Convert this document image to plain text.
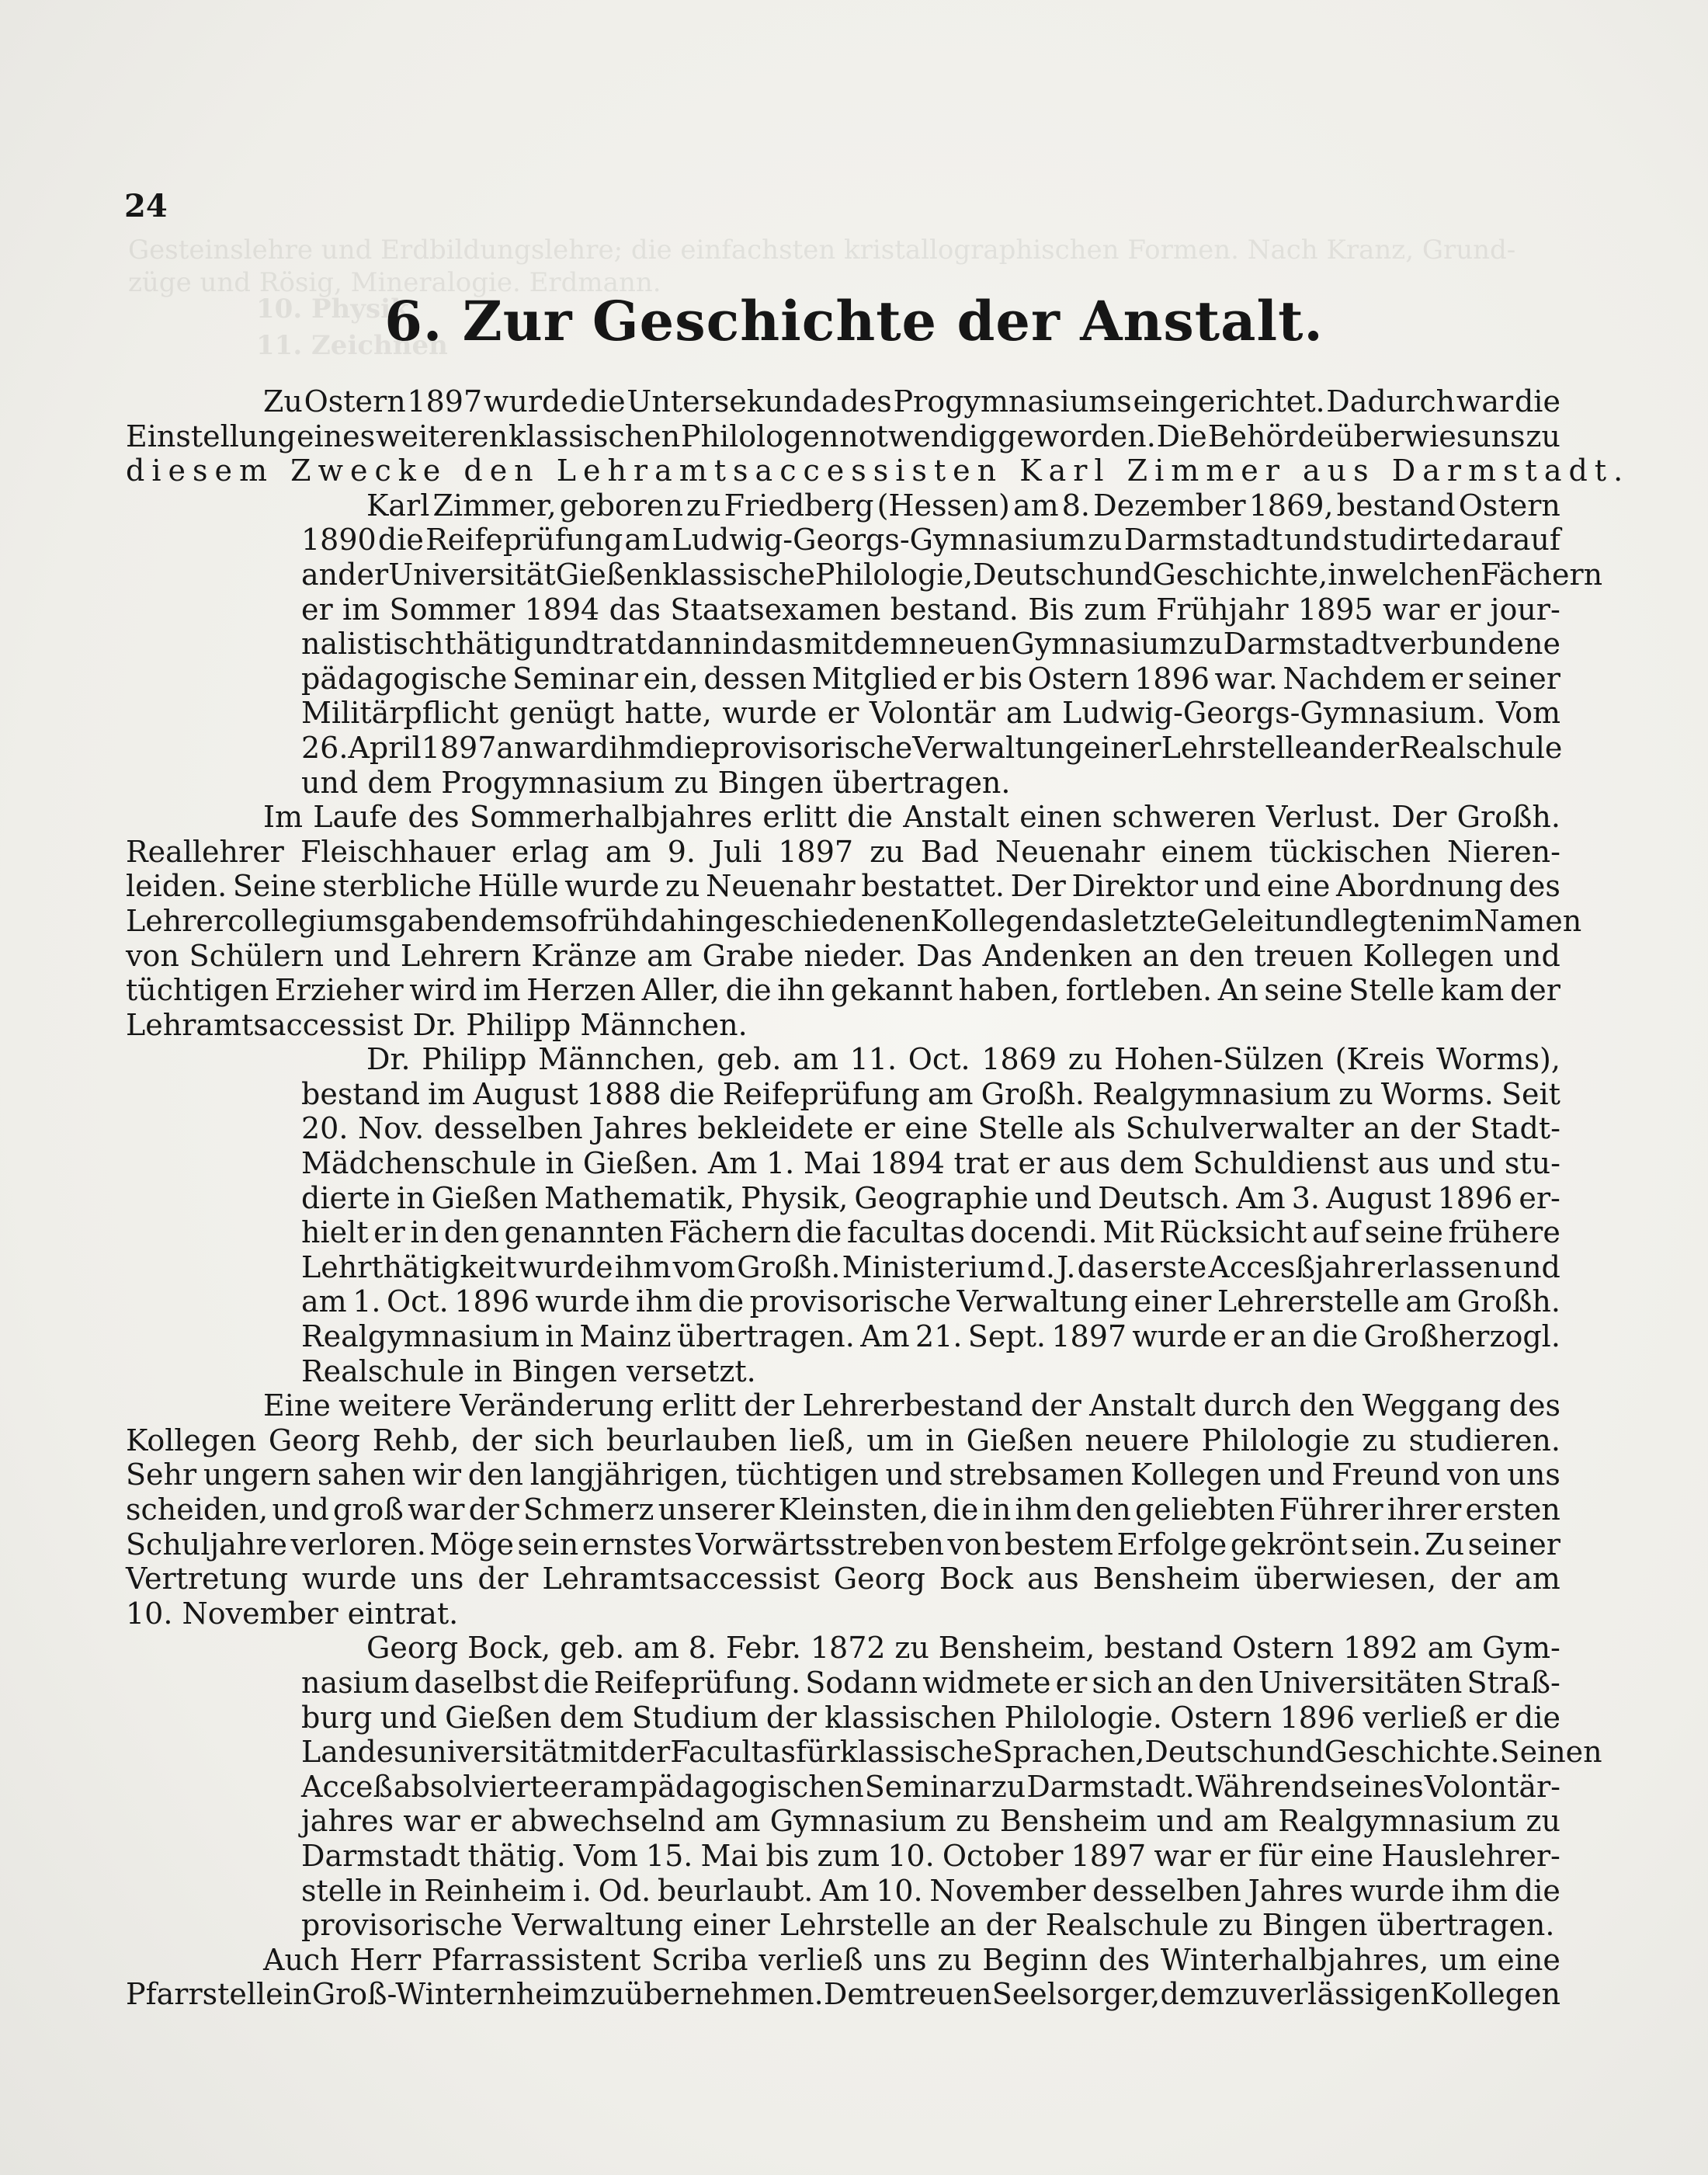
Gesteinslehre und Erdbildungslehre; die einfachsten kristallographischen Formen. Nach Kranz, Grund-
züge und Rösig, Mineralogie. Erdmann.
10. Physik
11. Zeichnen
24
6. Zur Geschichte der Anstalt.
Zu Ostern 1897 wurde die Untersekunda des Progymnasiums eingerichtet. Dadurch war die
Einstellung eines weiteren klassischen Philologen notwendig geworden. Die Behörde überwies uns zu
diesem Zwecke den Lehramtsaccessisten Karl Zimmer aus Darmstadt.
Karl Zimmer, geboren zu Friedberg (Hessen) am 8. Dezember 1869, bestand Ostern
1890 die Reifeprüfung am Ludwig-Georgs-Gymnasium zu Darmstadt und studirte darauf
an der Universität Gießen klassische Philologie, Deutsch und Geschichte, in welchen Fächern
er im Sommer 1894 das Staatsexamen bestand. Bis zum Frühjahr 1895 war er jour-
nalistisch thätig und trat dann in das mit dem neuen Gymnasium zu Darmstadt verbundene
pädagogische Seminar ein, dessen Mitglied er bis Ostern 1896 war. Nachdem er seiner
Militärpflicht genügt hatte, wurde er Volontär am Ludwig-Georgs-Gymnasium. Vom
26. April 1897 an ward ihm die provisorische Verwaltung einer Lehrstelle an der Realschule
und dem Progymnasium zu Bingen übertragen.
Im Laufe des Sommerhalbjahres erlitt die Anstalt einen schweren Verlust. Der Großh.
Reallehrer Fleischhauer erlag am 9. Juli 1897 zu Bad Neuenahr einem tückischen Nieren-
leiden. Seine sterbliche Hülle wurde zu Neuenahr bestattet. Der Direktor und eine Abordnung des
Lehrercollegiums gaben dem so früh dahingeschiedenen Kollegen das letzte Geleit und legten im Namen
von Schülern und Lehrern Kränze am Grabe nieder. Das Andenken an den treuen Kollegen und
tüchtigen Erzieher wird im Herzen Aller, die ihn gekannt haben, fortleben. An seine Stelle kam der
Lehramtsaccessist Dr. Philipp Männchen.
Dr. Philipp Männchen, geb. am 11. Oct. 1869 zu Hohen-Sülzen (Kreis Worms),
bestand im August 1888 die Reifeprüfung am Großh. Realgymnasium zu Worms. Seit
20. Nov. desselben Jahres bekleidete er eine Stelle als Schulverwalter an der Stadt-
Mädchenschule in Gießen. Am 1. Mai 1894 trat er aus dem Schuldienst aus und stu-
dierte in Gießen Mathematik, Physik, Geographie und Deutsch. Am 3. August 1896 er-
hielt er in den genannten Fächern die facultas docendi. Mit Rücksicht auf seine frühere
Lehrthätigkeit wurde ihm vom Großh. Ministerium d. J. das erste Accesßjahr erlassen und
am 1. Oct. 1896 wurde ihm die provisorische Verwaltung einer Lehrerstelle am Großh.
Realgymnasium in Mainz übertragen. Am 21. Sept. 1897 wurde er an die Großherzogl.
Realschule in Bingen versetzt.
Eine weitere Veränderung erlitt der Lehrerbestand der Anstalt durch den Weggang des
Kollegen Georg Rehb, der sich beurlauben ließ, um in Gießen neuere Philologie zu studieren.
Sehr ungern sahen wir den langjährigen, tüchtigen und strebsamen Kollegen und Freund von uns
scheiden, und groß war der Schmerz unserer Kleinsten, die in ihm den geliebten Führer ihrer ersten
Schuljahre verloren. Möge sein ernstes Vorwärtsstreben von bestem Erfolge gekrönt sein. Zu seiner
Vertretung wurde uns der Lehramtsaccessist Georg Bock aus Bensheim überwiesen, der am
10. November eintrat.
Georg Bock, geb. am 8. Febr. 1872 zu Bensheim, bestand Ostern 1892 am Gym-
nasium daselbst die Reifeprüfung. Sodann widmete er sich an den Universitäten Straß-
burg und Gießen dem Studium der klassischen Philologie. Ostern 1896 verließ er die
Landesuniversität mit der Facultas für klassische Sprachen, Deutsch und Geschichte. Seinen
Acceß absolvierte er am pädagogischen Seminar zu Darmstadt. Während seines Volontär-
jahres war er abwechselnd am Gymnasium zu Bensheim und am Realgymnasium zu
Darmstadt thätig. Vom 15. Mai bis zum 10. October 1897 war er für eine Hauslehrer-
stelle in Reinheim i. Od. beurlaubt. Am 10. November desselben Jahres wurde ihm die
provisorische Verwaltung einer Lehrstelle an der Realschule zu Bingen übertragen.
Auch Herr Pfarrassistent Scriba verließ uns zu Beginn des Winterhalbjahres, um eine
Pfarrstelle in Groß-Winternheim zu übernehmen. Dem treuen Seelsorger, dem zuverlässigen Kollegen
